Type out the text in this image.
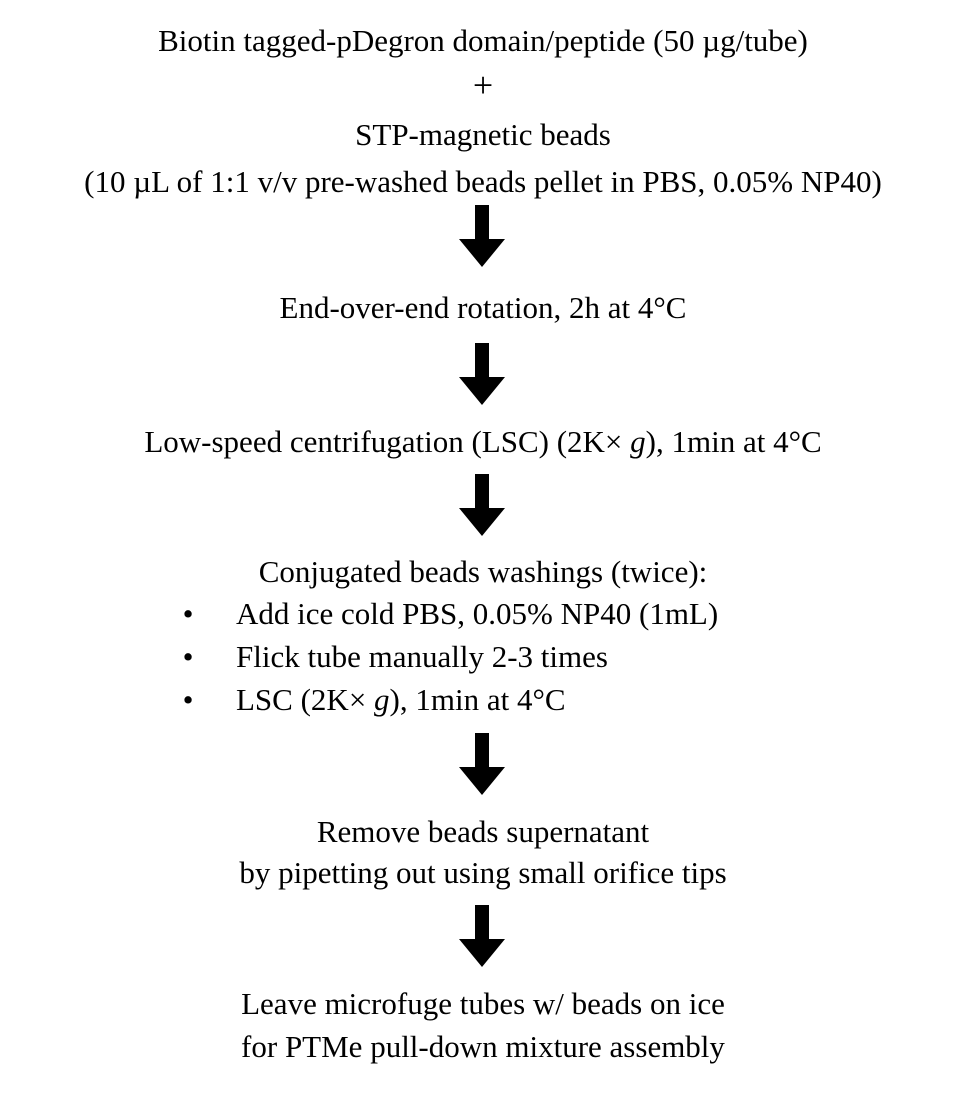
Biotin tagged-pDegron domain/peptide (50 µg/tube)
+
STP-magnetic beads
(10 µL of 1:1 v/v pre-washed beads pellet in PBS, 0.05% NP40)
End-over-end rotation, 2h at 4°C
Low-speed centrifugation (LSC) (2K× g), 1min at 4°C
Conjugated beads washings (twice):
• Add ice cold PBS, 0.05% NP40 (1mL)
• Flick tube manually 2-3 times
• LSC (2K× g), 1min at 4°C
Remove beads supernatant
by pipetting out using small orifice tips
Leave microfuge tubes w/ beads on ice
for PTMe pull-down mixture assembly
